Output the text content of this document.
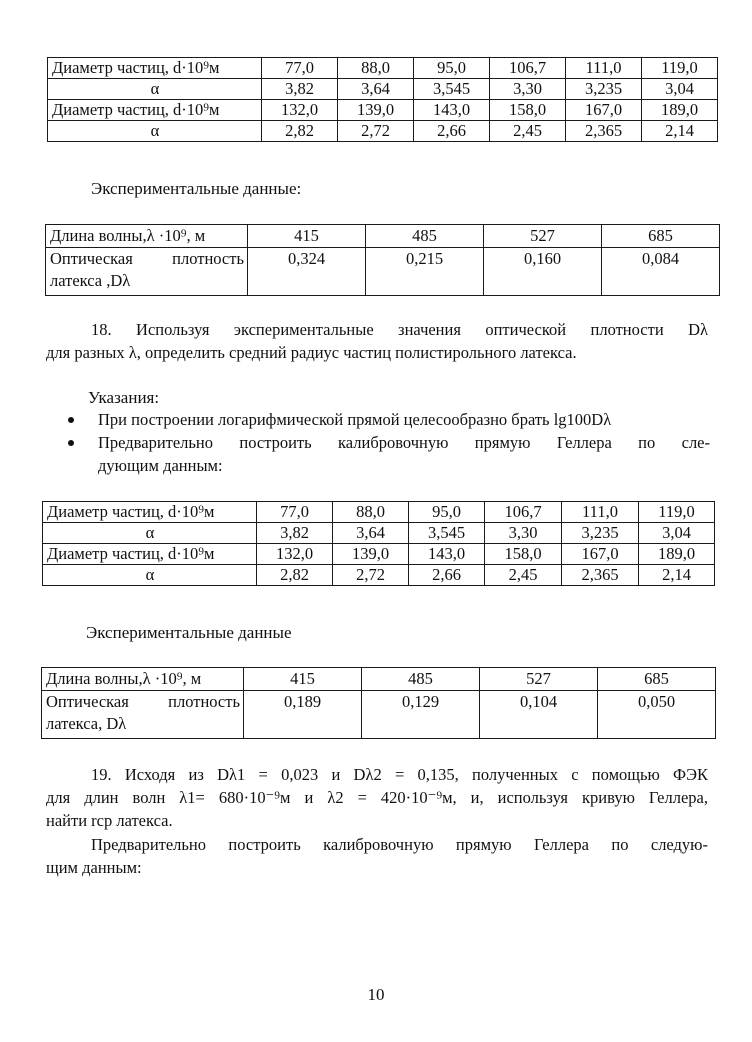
Диаметр частиц, d·10⁹м	77,0	88,0	95,0	106,7	111,0	119,0
α	3,82	3,64	3,545	3,30	3,235	3,04
Диаметр частиц, d·10⁹м	132,0	139,0	143,0	158,0	167,0	189,0
α	2,82	2,72	2,66	2,45	2,365	2,14
Экспериментальные данные:
Длина волны,λ ·10⁹, м	415	485	527	685

Оптическая плотность
латекса ,Dλ	0,324	0,215	0,160	0,084
18. Используя экспериментальные значения оптической плотности Dλ
для разных λ, определить средний радиус частиц полистирольного латекса.
Указания:
При построении логарифмической прямой целесообразно брать lg100Dλ
Предварительно построить калибровочную прямую Геллера по сле-
дующим данным:
Диаметр частиц, d·10⁹м	77,0	88,0	95,0	106,7	111,0	119,0
α	3,82	3,64	3,545	3,30	3,235	3,04
Диаметр частиц, d·10⁹м	132,0	139,0	143,0	158,0	167,0	189,0
α	2,82	2,72	2,66	2,45	2,365	2,14
Экспериментальные данные
Длина волны,λ ·10⁹, м	415	485	527	685

Оптическая плотность
латекса, Dλ	0,189	0,129	0,104	0,050
19. Исходя из Dλ1 = 0,023 и Dλ2 = 0,135, полученных с помощью ФЭК
для длин волн λ1= 680·10⁻⁹м и λ2 = 420·10⁻⁹м, и, используя кривую Геллера,
найти rср латекса.
Предварительно построить калибровочную прямую Геллера по следую-
щим данным:
10
